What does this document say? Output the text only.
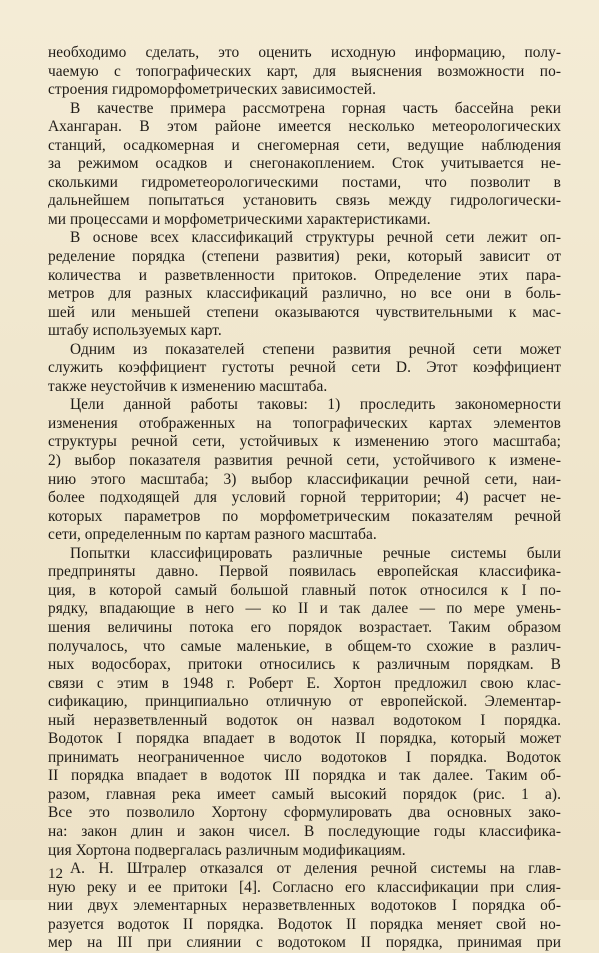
необходимо сделать, это оценить исходную информацию, полу-
чаемую с топографических карт, для выяснения возможности по-
строения гидроморфометрических зависимостей.
В качестве примера рассмотрена горная часть бассейна реки
Ахангаран. В этом районе имеется несколько метеорологических
станций, осадкомерная и снегомерная сети, ведущие наблюдения
за режимом осадков и снегонакоплением. Сток учитывается не-
сколькими гидрометеорологическими постами, что позволит в
дальнейшем попытаться установить связь между гидрологически-
ми процессами и морфометрическими характеристиками.
В основе всех классификаций структуры речной сети лежит оп-
ределение порядка (степени развития) реки, который зависит от
количества и разветвленности притоков. Определение этих пара-
метров для разных классификаций различно, но все они в боль-
шей или меньшей степени оказываются чувствительными к мас-
штабу используемых карт.
Одним из показателей степени развития речной сети может
служить коэффициент густоты речной сети D. Этот коэффициент
также неустойчив к изменению масштаба.
Цели данной работы таковы: 1) проследить закономерности
изменения отображенных на топографических картах элементов
структуры речной сети, устойчивых к изменению этого масштаба;
2) выбор показателя развития речной сети, устойчивого к измене-
нию этого масштаба; 3) выбор классификации речной сети, наи-
более подходящей для условий горной территории; 4) расчет не-
которых параметров по морфометрическим показателям речной
сети, определенным по картам разного масштаба.
Попытки классифицировать различные речные системы были
предприняты давно. Первой появилась европейская классифика-
ция, в которой самый большой главный поток относился к I по-
рядку, впадающие в него — ко II и так далее — по мере умень-
шения величины потока его порядок возрастает. Таким образом
получалось, что самые маленькие, в общем-то схожие в различ-
ных водосборах, притоки относились к различным порядкам. В
связи с этим в 1948 г. Роберт Е. Хортон предложил свою клас-
сификацию, принципиально отличную от европейской. Элементар-
ный неразветвленный водоток он назвал водотоком I порядка.
Водоток I порядка впадает в водоток II порядка, который может
принимать неограниченное число водотоков I порядка. Водоток
II порядка впадает в водоток III порядка и так далее. Таким об-
разом, главная река имеет самый высокий порядок (рис. 1 а).
Все это позволило Хортону сформулировать два основных зако-
на: закон длин и закон чисел. В последующие годы классифика-
ция Хортона подвергалась различным модификациям.
А. Н. Штралер отказался от деления речной системы на глав-
ную реку и ее притоки [4]. Согласно его классификации при слия-
нии двух элементарных неразветвленных водотоков I порядка об-
разуется водоток II порядка. Водоток II порядка меняет свой но-
мер на III при слиянии с водотоком II порядка, принимая при
12
